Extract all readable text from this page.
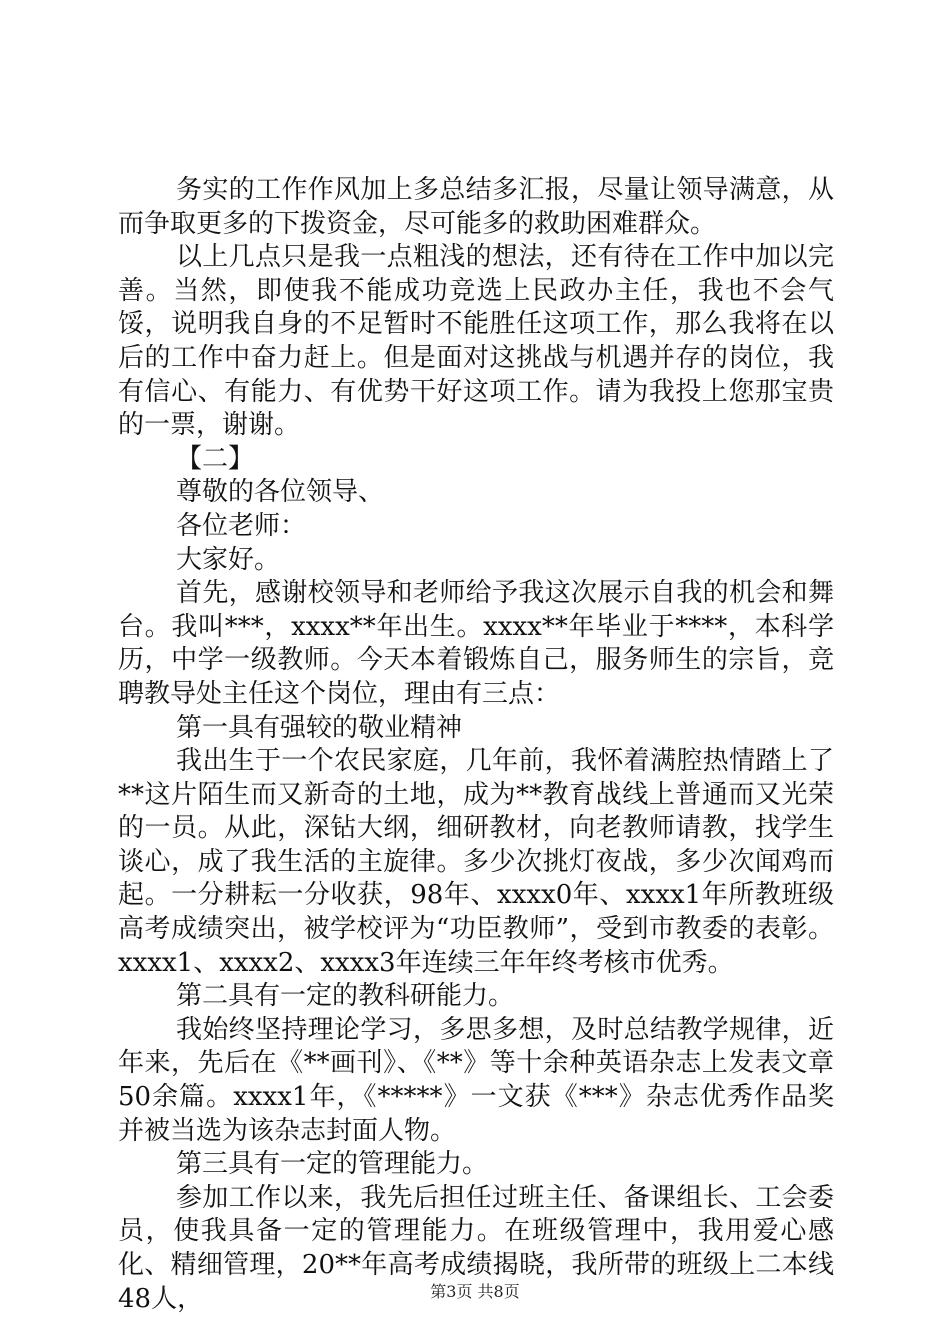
务实的工作作风加上多总结多汇报，尽量让领导满意，从而争取更多的下拨资金，尽可能多的救助困难群众。

以上几点只是我一点粗浅的想法，还有待在工作中加以完善。当然，即使我不能成功竞选上民政办主任，我也不会气馁，说明我自身的不足暂时不能胜任这项工作，那么我将在以后的工作中奋力赶上。但是面对这挑战与机遇并存的岗位，我有信心、有能力、有优势干好这项工作。请为我投上您那宝贵的一票，谢谢。

【二】

尊敬的各位领导、

各位老师：

大家好。

首先，感谢校领导和老师给予我这次展示自我的机会和舞台。我叫***，xxxx**年出生。xxxx**年毕业于****，本科学历，中学一级教师。今天本着锻炼自己，服务师生的宗旨，竞聘教导处主任这个岗位，理由有三点：

第一具有强较的敬业精神

我出生于一个农民家庭，几年前，我怀着满腔热情踏上了**这片陌生而又新奇的土地，成为**教育战线上普通而又光荣的一员。从此，深钻大纲，细研教材，向老教师请教，找学生谈心，成了我生活的主旋律。多少次挑灯夜战，多少次闻鸡而起。一分耕耘一分收获，98年、xxxx0年、xxxx1年所教班级高考成绩突出，被学校评为“功臣教师”，受到市教委的表彰。xxxx1、xxxx2、xxxx3年连续三年年终考核市优秀。

第二具有一定的教科研能力。

我始终坚持理论学习，多思多想，及时总结教学规律，近年来，先后在《**画刊》、《**》等十余种英语杂志上发表文章50余篇。xxxx1年，《*****》一文获《***》杂志优秀作品奖并被当选为该杂志封面人物。

第三具有一定的管理能力。

参加工作以来，我先后担任过班主任、备课组长、工会委员，使我具备一定的管理能力。在班级管理中，我用爱心感化、精细管理，20**年高考成绩揭晓，我所带的班级上二本线48人，	第3页 共8页
